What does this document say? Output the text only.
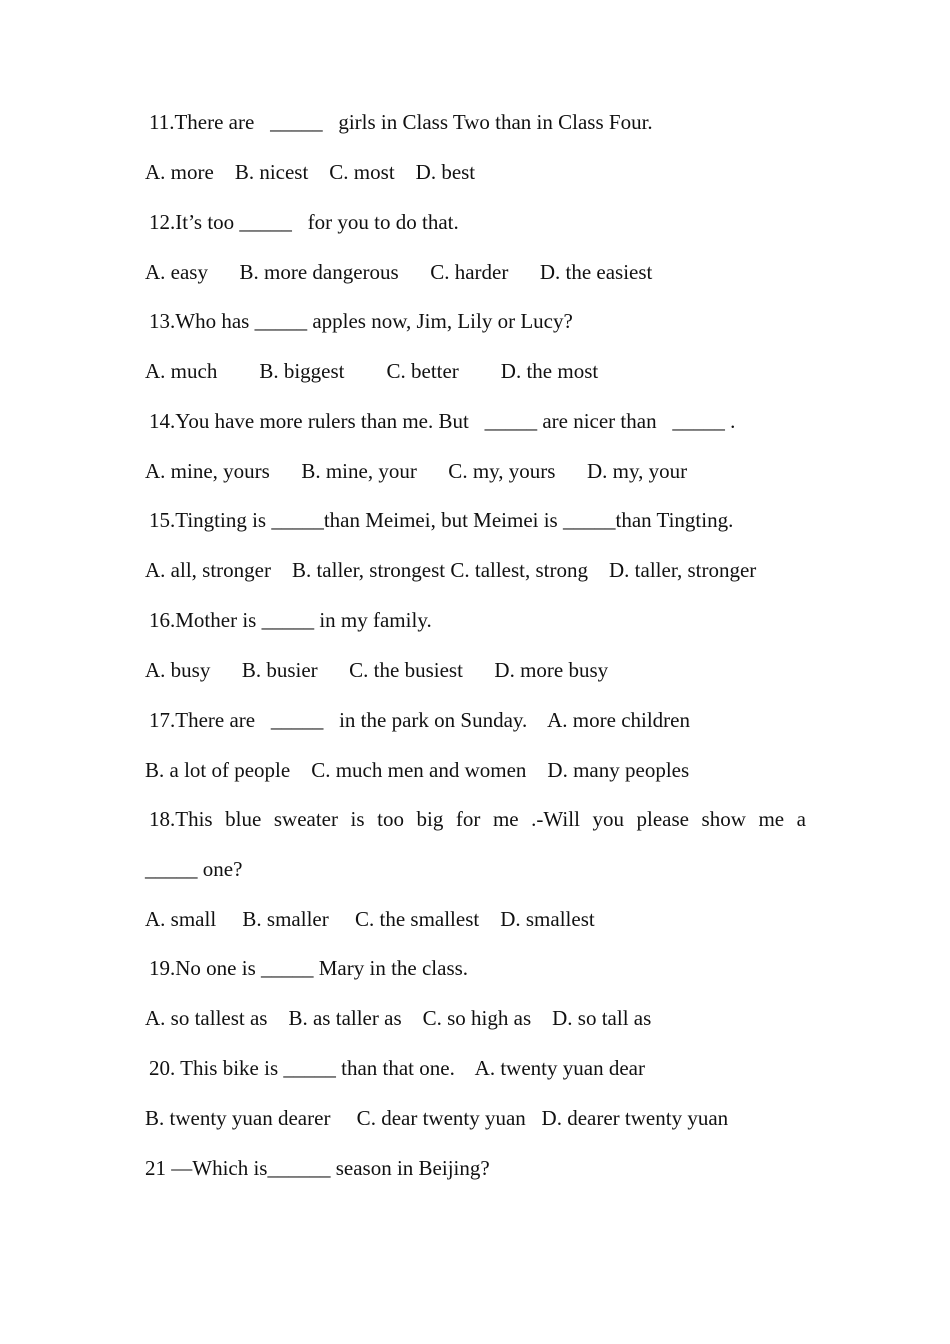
11.There are   _____   girls in Class Two than in Class Four.

A. more    B. nicest    C. most    D. best

12.It’s too _____   for you to do that.

A. easy      B. more dangerous      C. harder      D. the easiest

13.Who has _____ apples now, Jim, Lily or Lucy?

A. much        B. biggest        C. better        D. the most

14.You have more rulers than me. But   _____ are nicer than   _____ .

A. mine, yours      B. mine, your      C. my, yours      D. my, your

15.Tingting is _____than Meimei, but Meimei is _____than Tingting.

A. all, stronger    B. taller, strongest C. tallest, strong    D. taller, stronger

16.Mother is _____ in my family.

A. busy      B. busier      C. the busiest      D. more busy

17.There are   _____   in the park on Sunday.    A. more children

B. a lot of people    C. much men and women    D. many peoples

18.This blue sweater is too big for me .-Will you please show me a

_____ one?

A. small     B. smaller     C. the smallest    D. smallest

19.No one is _____ Mary in the class.

A. so tallest as    B. as taller as    C. so high as    D. so tall as

20. This bike is _____ than that one.    A. twenty yuan dear

B. twenty yuan dearer     C. dear twenty yuan   D. dearer twenty yuan

21 —Which is______ season in Beijing?
